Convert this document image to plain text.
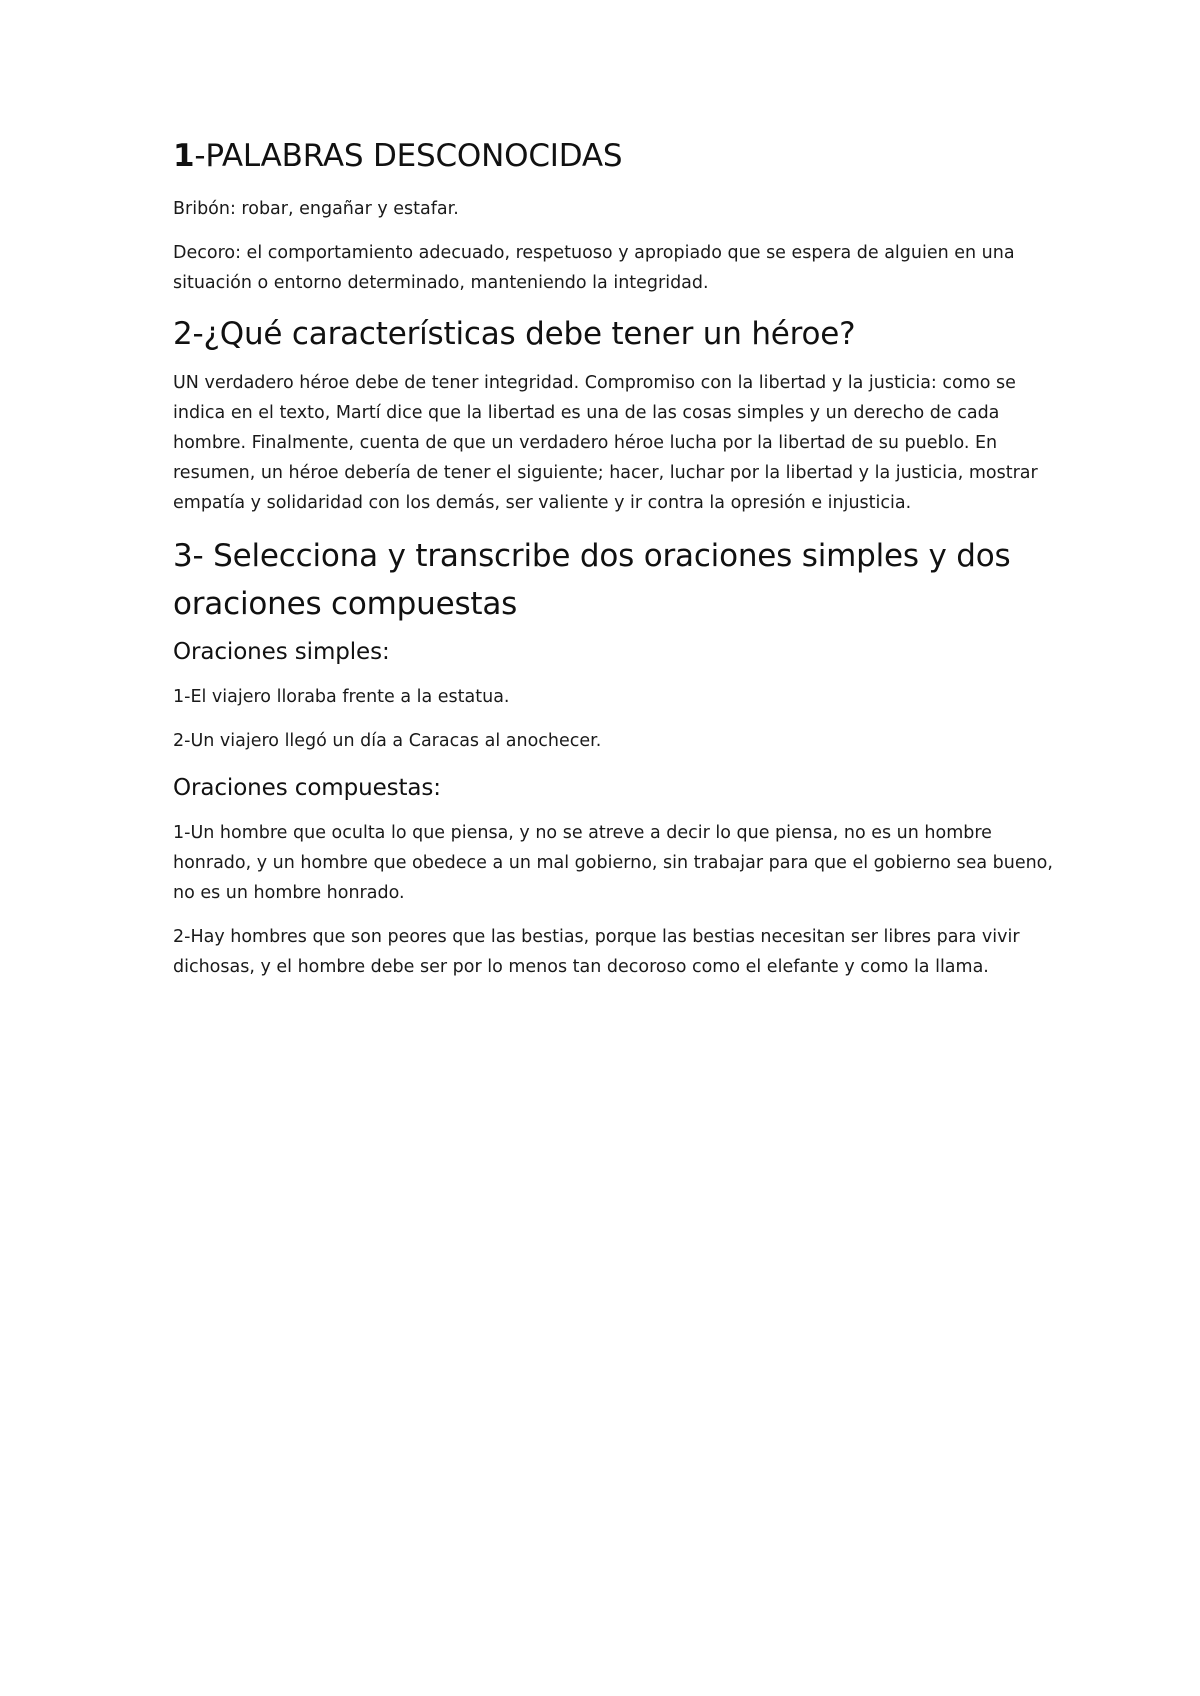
1-PALABRAS DESCONOCIDAS

Bribón: robar, engañar y estafar.

Decoro: el comportamiento adecuado, respetuoso y apropiado que se espera de alguien en una situación o entorno determinado, manteniendo la integridad.

2-¿Qué características debe tener un héroe?

UN verdadero héroe debe de tener integridad. Compromiso con la libertad y la justicia: como se indica en el texto, Martí dice que la libertad es una de las cosas simples y un derecho de cada hombre. Finalmente, cuenta de que un verdadero héroe lucha por la libertad de su pueblo. En resumen, un héroe debería de tener el siguiente; hacer, luchar por la libertad y la justicia, mostrar empatía y solidaridad con los demás, ser valiente y ir contra la opresión e injusticia.

3- Selecciona y transcribe dos oraciones simples y dos oraciones compuestas
Oraciones simples:

1-El viajero lloraba frente a la estatua.

2-Un viajero llegó un día a Caracas al anochecer.

Oraciones compuestas:

1-Un hombre que oculta lo que piensa, y no se atreve a decir lo que piensa, no es un hombre honrado, y un hombre que obedece a un mal gobierno, sin trabajar para que el gobierno sea bueno, no es un hombre honrado.

2-Hay hombres que son peores que las bestias, porque las bestias necesitan ser libres para vivir dichosas, y el hombre debe ser por lo menos tan decoroso como el elefante y como la llama.
